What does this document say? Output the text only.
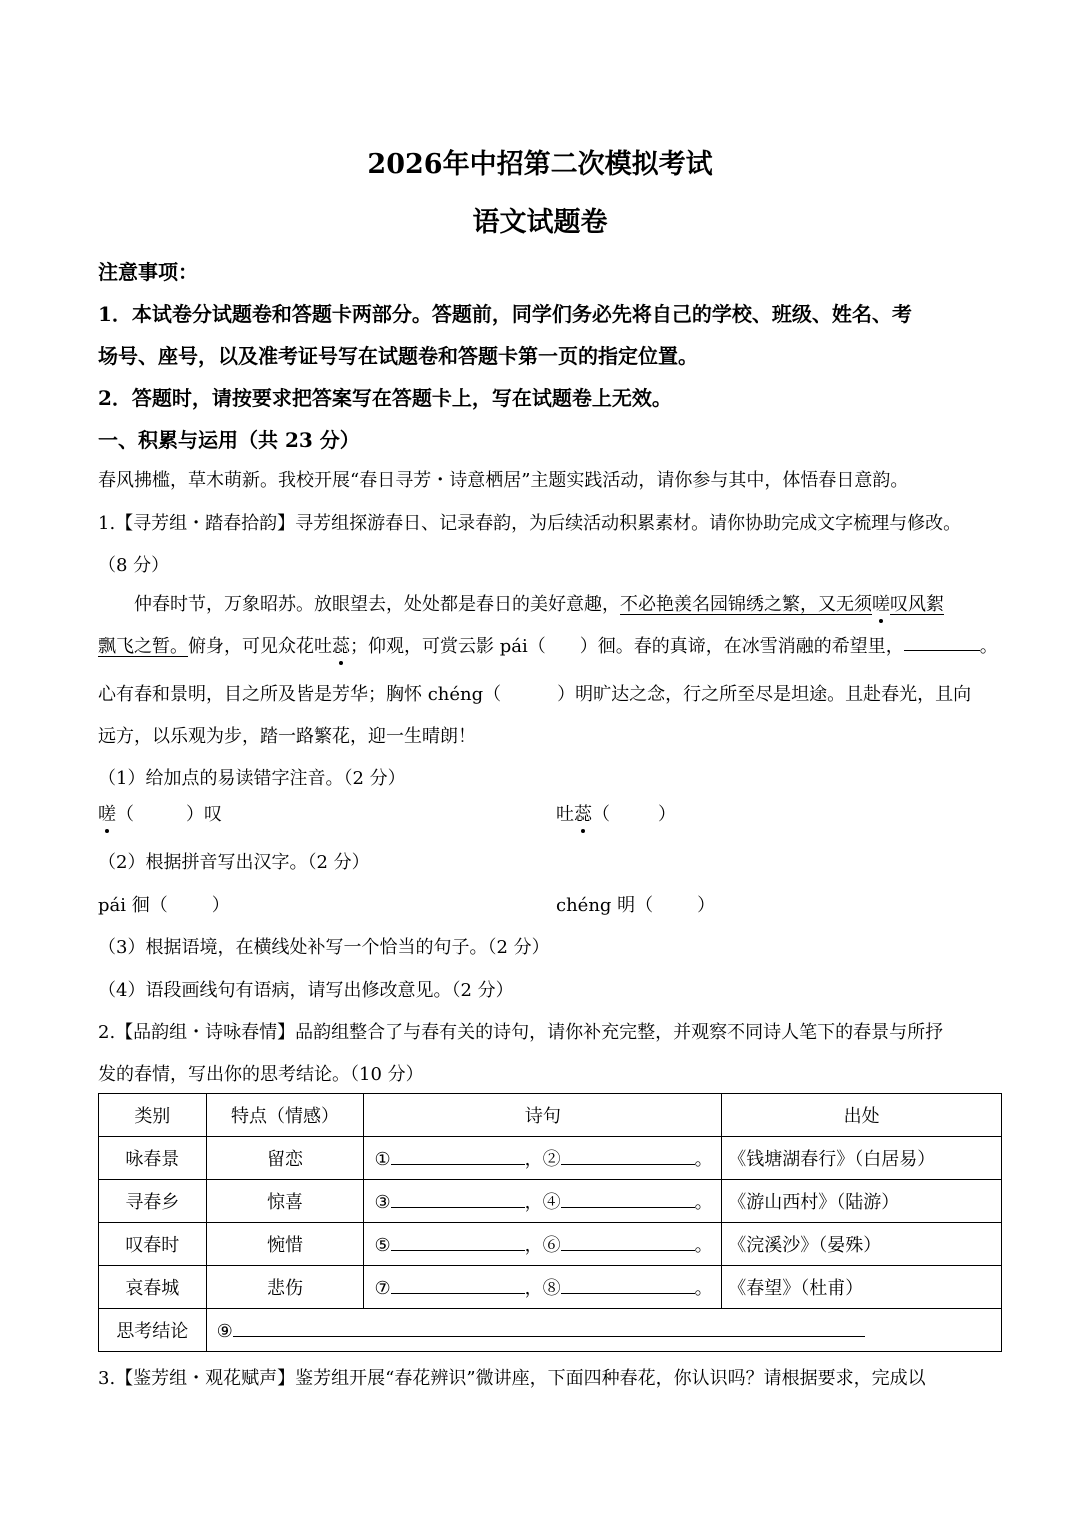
2026年中招第二次模拟考试
语文试题卷
注意事项：
1．本试卷分试题卷和答题卡两部分。答题前，同学们务必先将自己的学校、班级、姓名、考
场号、座号，以及准考证号写在试题卷和答题卡第一页的指定位置。
2．答题时，请按要求把答案写在答题卡上，写在试题卷上无效。
一、积累与运用（共 23 分）
春风拂槛，草木萌新。我校开展“春日寻芳・诗意栖居”主题实践活动，请你参与其中，体悟春日意韵。
1.【寻芳组・踏春拾韵】寻芳组探游春日、记录春韵，为后续活动积累素材。请你协助完成文字梳理与修改。
（8 分）
仲春时节，万象昭苏。放眼望去，处处都是春日的美好意趣，不必艳羡名园锦绣之繁，又无须嗟叹风絮
飘飞之暂。俯身，可见众花吐蕊；仰观，可赏云影 pái（ ）徊。春的真谛，在冰雪消融的希望里，	。
心有春和景明，目之所及皆是芳华；胸怀 chéng（	）明旷达之念，行之所至尽是坦途。且赴春光，且向
远方，以乐观为步，踏一路繁花，迎一生晴朗！
（1）给加点的易读错字注音。（2 分）
嗟（	）叹	吐蕊（	）
（2）根据拼音写出汉字。（2 分）
pái 徊（ ）	chéng 明（ ）
（3）根据语境，在横线处补写一个恰当的句子。（2 分）
（4）语段画线句有语病，请写出修改意见。（2 分）
2.【品韵组・诗咏春情】品韵组整合了与春有关的诗句，请你补充完整，并观察不同诗人笔下的春景与所抒
发的春情，写出你的思考结论。（10 分）
类别	特点（情感）	诗句	出处
咏春景	留恋	① ，② 。	《钱塘湖春行》（白居易）
寻春乡	惊喜	③ ，④ 。	《游山西村》（陆游）
叹春时	惋惜	⑤ ，⑥ 。	《浣溪沙》（晏殊）
哀春城	悲伤	⑦ ，⑧ 。	《春望》（杜甫）
思考结论	⑨		
3.【鉴芳组・观花赋声】鉴芳组开展“春花辨识”微讲座，下面四种春花，你认识吗？请根据要求，完成以
